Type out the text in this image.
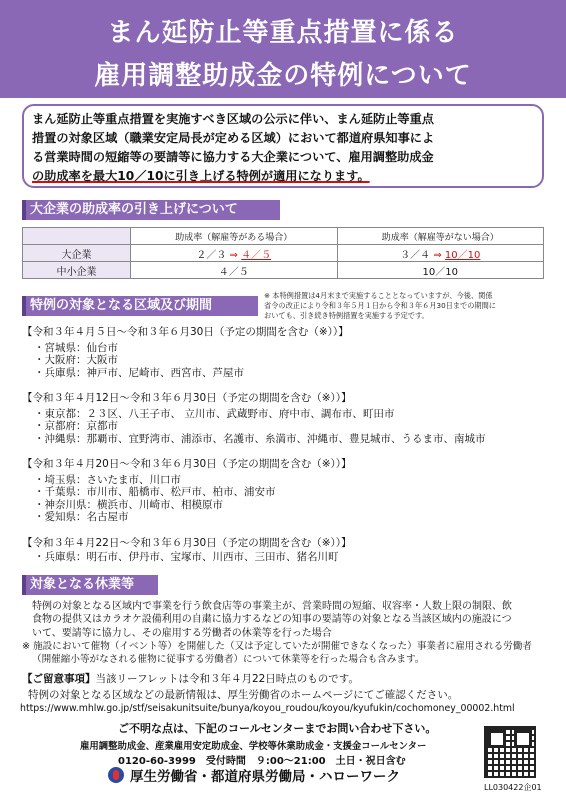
まん延防止等重点措置に係る
雇用調整助成金の特例について
まん延防止等重点措置を実施すべき区域の公示に伴い、まん延防止等重点
措置の対象区域（職業安定局長が定める区域）において都道府県知事によ
る営業時間の短縮等の要請等に協力する大企業について、雇用調整助成金
の助成率を最大10／10に引き上げる特例が適用になります。
大企業の助成率の引き上げについて
	助成率（解雇等がある場合）	助成率（解雇等がない場合）
大企業	２／３ ⇒ ４／５	３／４ ⇒ 10／10
中小企業	４／５	10／10
特例の対象となる区域及び期間
※ 本特例措置は4月末まで実施することとなっていますが、今後、関係
省令の改正により令和３年５月１日から令和３年６月30日までの期間に
おいても、引き続き特例措置を実施する予定です。
【令和３年４月５日～令和３年６月30日（予定の期間を含む（※））】
・宮城県：仙台市
・大阪府：大阪市
・兵庫県：神戸市、尼崎市、西宮市、芦屋市
【令和３年４月12日～令和３年６月30日（予定の期間を含む（※））】
・東京都：２３区、八王子市、 立川市、武蔵野市、府中市、調布市、町田市
・京都府：京都市
・沖縄県：那覇市、宜野湾市、浦添市、名護市、糸満市、沖縄市、豊見城市、うるま市、南城市
【令和３年４月20日～令和３年６月30日（予定の期間を含む（※））】
・埼玉県：さいたま市、川口市
・千葉県：市川市、船橋市、松戸市、柏市、浦安市
・神奈川県：横浜市、川崎市、相模原市
・愛知県：名古屋市
【令和３年４月22日～令和３年６月30日（予定の期間を含む（※））】
・兵庫県：明石市、伊丹市、宝塚市、川西市、三田市、猪名川町
対象となる休業等
特例の対象となる区域内で事業を行う飲食店等の事業主が、営業時間の短縮、収容率・人数上限の制限、飲
食物の提供又はカラオケ設備利用の自粛に協力するなどの知事の要請等の対象となる当該区域内の施設につ
いて、要請等に協力し、その雇用する労働者の休業等を行った場合
※ 施設において催物（イベント等）を開催した（又は予定していたが開催できなくなった）事業者に雇用される労働者
（開催縮小等がなされる催物に従事する労働者）について休業等を行った場合も含みます。
【ご留意事項】当該リーフレットは令和３年４月22日時点のものです。
特例の対象となる区域などの最新情報は、厚生労働省のホームページにてご確認ください。
https://www.mhlw.go.jp/stf/seisakunitsuite/bunya/koyou_roudou/koyou/kyufukin/cochomoney_00002.html
ご不明な点は、下記のコールセンターまでお問い合わせ下さい。
雇用調整助成金、産業雇用安定助成金、学校等休業助成金・支援金コールセンター
0120-60-3999　受付時間　９:00～21:00　土日・祝日含む
厚生労働省・都道府県労働局・ハローワーク
LL030422企01
